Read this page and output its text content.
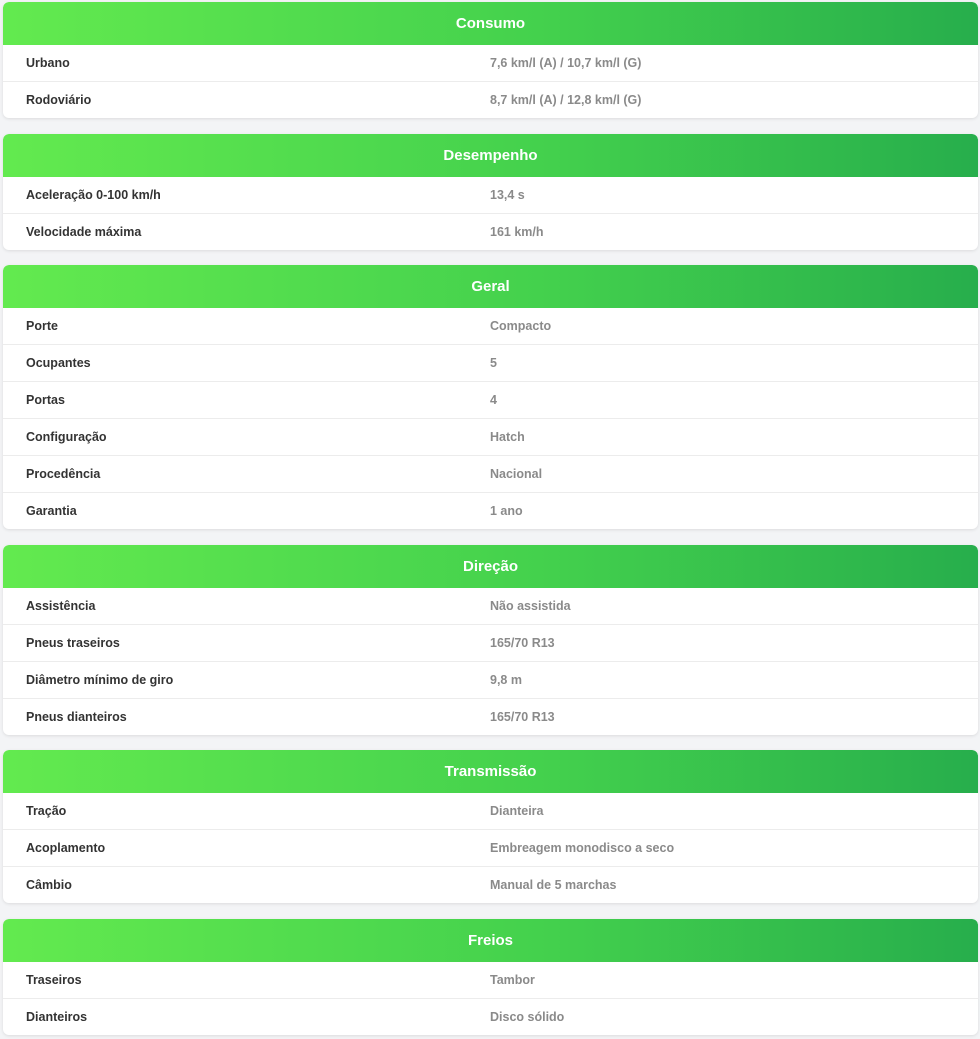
Consumo
Urbano	7,6 km/l (A) / 10,7 km/l (G)
Rodoviário	8,7 km/l (A) / 12,8 km/l (G)
Desempenho
Aceleração 0-100 km/h	13,4 s
Velocidade máxima	161 km/h
Geral
Porte	Compacto
Ocupantes	5
Portas	4
Configuração	Hatch
Procedência	Nacional
Garantia	1 ano
Direção
Assistência	Não assistida
Pneus traseiros	165/70 R13
Diâmetro mínimo de giro	9,8 m
Pneus dianteiros	165/70 R13
Transmissão
Tração	Dianteira
Acoplamento	Embreagem monodisco a seco
Câmbio	Manual de 5 marchas
Freios
Traseiros	Tambor
Dianteiros	Disco sólido
